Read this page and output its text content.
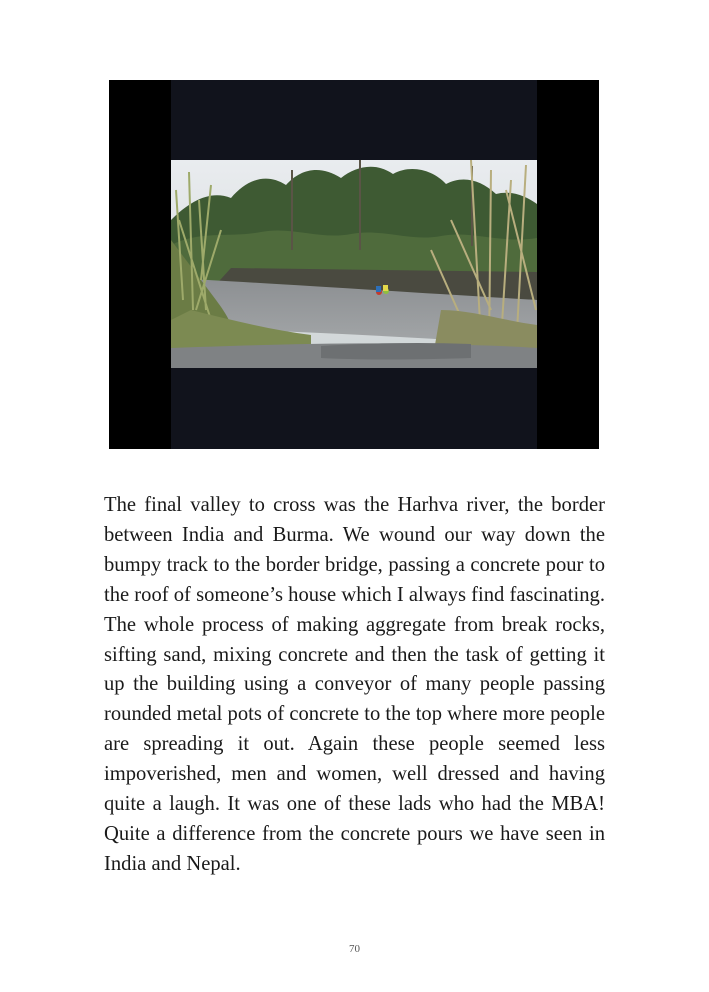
The final valley to cross was the Harhva river, the border between India and Burma. We wound our way down the bumpy track to the border bridge, passing a concrete pour to the roof of someone’s house which I always find fascinating. The whole process of making aggregate from break rocks, sifting sand, mixing concrete and then the task of getting it up the building using a conveyor of many people passing rounded metal pots of concrete to the top where more people are spreading it out. Again these people seemed less impoverished, men and women, well dressed and having quite a laugh. It was one of these lads who had the MBA! Quite a difference from the concrete pours we have seen in India and Nepal.

70
